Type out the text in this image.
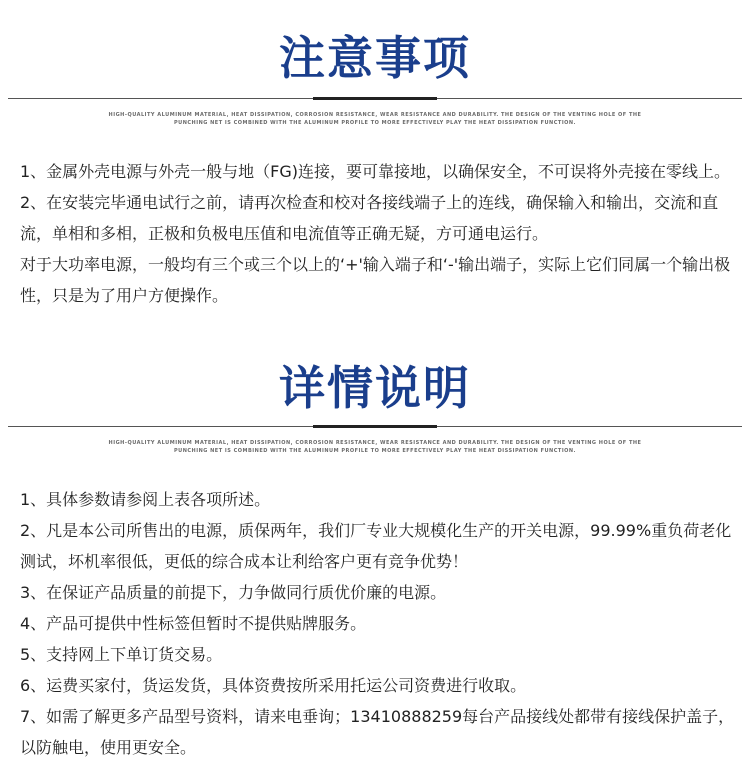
注意事项
HIGH-QUALITY ALUMINUM MATERIAL, HEAT DISSIPATION, CORROSION RESISTANCE, WEAR RESISTANCE AND DURABILITY. THE DESIGN OF THE VENTING HOLE OF THE PUNCHING NET IS COMBINED WITH THE ALUMINUM PROFILE TO MORE EFFECTIVELY PLAY THE HEAT DISSIPATION FUNCTION.

1、金属外壳电源与外壳一般与地（FG)连接，要可靠接地，以确保安全，不可误将外壳接在零线上。

2、在安装完毕通电试行之前，请再次检查和校对各接线端子上的连线，确保输入和输出，交流和直流，单相和多相，正极和负极电压值和电流值等正确无疑，方可通电运行。

对于大功率电源，一般均有三个或三个以上的‘+'输入端子和‘-'输出端子，实际上它们同属一个输出极性，只是为了用户方便操作。

详情说明
HIGH-QUALITY ALUMINUM MATERIAL, HEAT DISSIPATION, CORROSION RESISTANCE, WEAR RESISTANCE AND DURABILITY. THE DESIGN OF THE VENTING HOLE OF THE PUNCHING NET IS COMBINED WITH THE ALUMINUM PROFILE TO MORE EFFECTIVELY PLAY THE HEAT DISSIPATION FUNCTION.

1、具体参数请参阅上表各项所述。

2、凡是本公司所售出的电源，质保两年，我们厂专业大规模化生产的开关电源，99.99%重负荷老化测试，坏机率很低，更低的综合成本让利给客户更有竞争优势！

3、在保证产品质量的前提下，力争做同行质优价廉的电源。

4、产品可提供中性标签但暂时不提供贴牌服务。

5、支持网上下单订货交易。

6、运费买家付，货运发货，具体资费按所采用托运公司资费进行收取。

7、如需了解更多产品型号资料，请来电垂询；13410888259每台产品接线处都带有接线保护盖子，以防触电，使用更安全。
